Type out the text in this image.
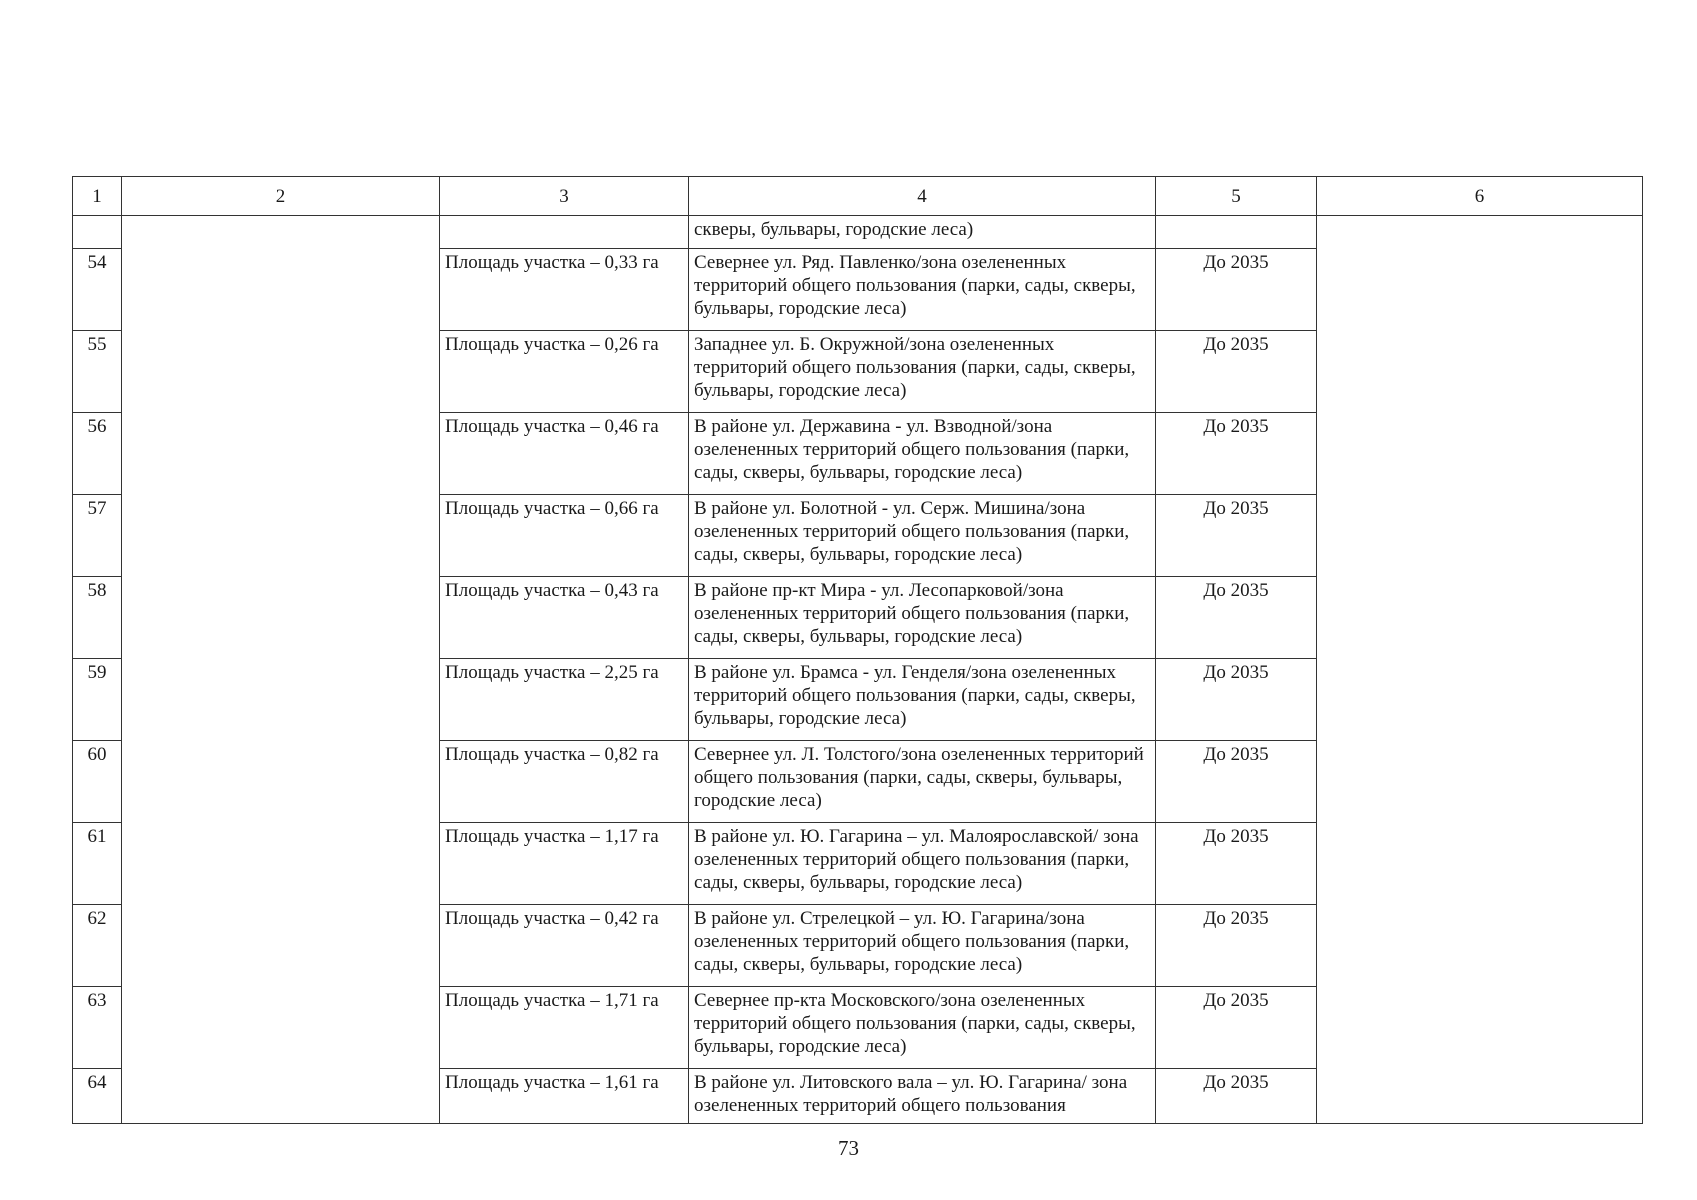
1	2	3	4	5	6
			скверы, бульвары, городские леса)		
54		Площадь участка – 0,33 га	Севернее ул. Ряд. Павленко/зона озелененных территорий общего пользования (парки, сады, скверы, бульвары, городские леса)	До 2035	
55		Площадь участка – 0,26 га	Западнее ул. Б. Окружной/зона озелененных территорий общего пользования (парки, сады, скверы, бульвары, городские леса)	До 2035	
56		Площадь участка – 0,46 га	В районе ул. Державина - ул. Взводной/зона озелененных территорий общего пользования (парки, сады, скверы, бульвары, городские леса)	До 2035	
57		Площадь участка – 0,66 га	В районе ул. Болотной - ул. Серж. Мишина/зона озелененных территорий общего пользования (парки, сады, скверы, бульвары, городские леса)	До 2035	
58		Площадь участка – 0,43 га	В районе пр-кт Мира - ул. Лесопарковой/зона озелененных территорий общего пользования (парки, сады, скверы, бульвары, городские леса)	До 2035	
59		Площадь участка – 2,25 га	В районе ул. Брамса - ул. Генделя/зона озелененных территорий общего пользования (парки, сады, скверы, бульвары, городские леса)	До 2035	
60		Площадь участка – 0,82 га	Севернее ул. Л. Толстого/зона озелененных территорий общего пользования (парки, сады, скверы, бульвары, городские леса)	До 2035	
61		Площадь участка – 1,17 га	В районе ул. Ю. Гагарина – ул. Малоярославской/ зона озелененных территорий общего пользования (парки, сады, скверы, бульвары, городские леса)	До 2035	
62		Площадь участка – 0,42 га	В районе ул. Стрелецкой – ул. Ю. Гагарина/зона озелененных территорий общего пользования (парки, сады, скверы, бульвары, городские леса)	До 2035	
63		Площадь участка – 1,71 га	Севернее пр-кта Московского/зона озелененных территорий общего пользования (парки, сады, скверы, бульвары, городские леса)	До 2035	
64		Площадь участка – 1,61 га	В районе ул. Литовского вала – ул. Ю. Гагарина/ зона озелененных территорий общего пользования	До 2035	
73
